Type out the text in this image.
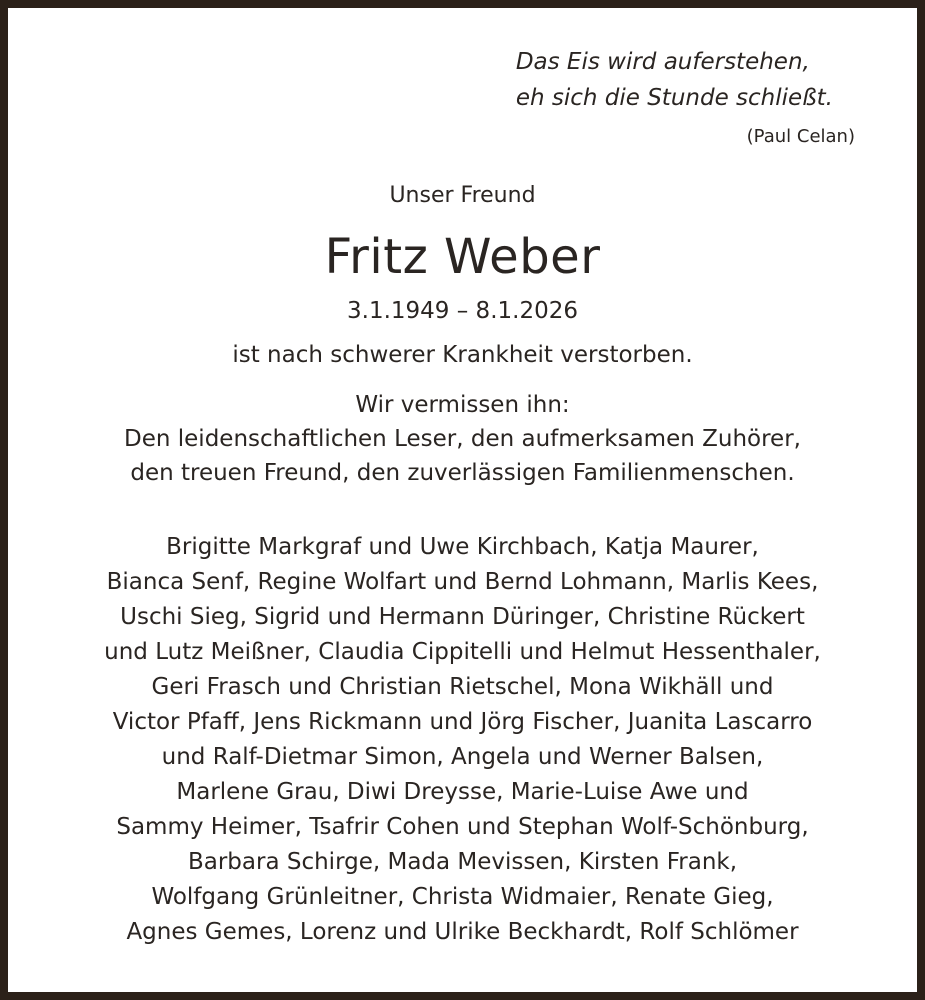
Das Eis wird auferstehen,
eh sich die Stunde schließt.
(Paul Celan)
Unser Freund
Fritz Weber
3.1.1949 – 8.1.2026
ist nach schwerer Krankheit verstorben.
Wir vermissen ihn:
Den leidenschaftlichen Leser, den aufmerksamen Zuhörer,
den treuen Freund, den zuverlässigen Familienmenschen.
Brigitte Markgraf und Uwe Kirchbach, Katja Maurer,
Bianca Senf, Regine Wolfart und Bernd Lohmann, Marlis Kees,
Uschi Sieg, Sigrid und Hermann Düringer, Christine Rückert
und Lutz Meißner, Claudia Cippitelli und Helmut Hessenthaler,
Geri Frasch und Christian Rietschel, Mona Wikhäll und
Victor Pfaff, Jens Rickmann und Jörg Fischer, Juanita Lascarro
und Ralf-Dietmar Simon, Angela und Werner Balsen,
Marlene Grau, Diwi Dreysse, Marie-Luise Awe und
Sammy Heimer, Tsafrir Cohen und Stephan Wolf-Schönburg,
Barbara Schirge, Mada Mevissen, Kirsten Frank,
Wolfgang Grünleitner, Christa Widmaier, Renate Gieg,
Agnes Gemes, Lorenz und Ulrike Beckhardt, Rolf Schlömer
